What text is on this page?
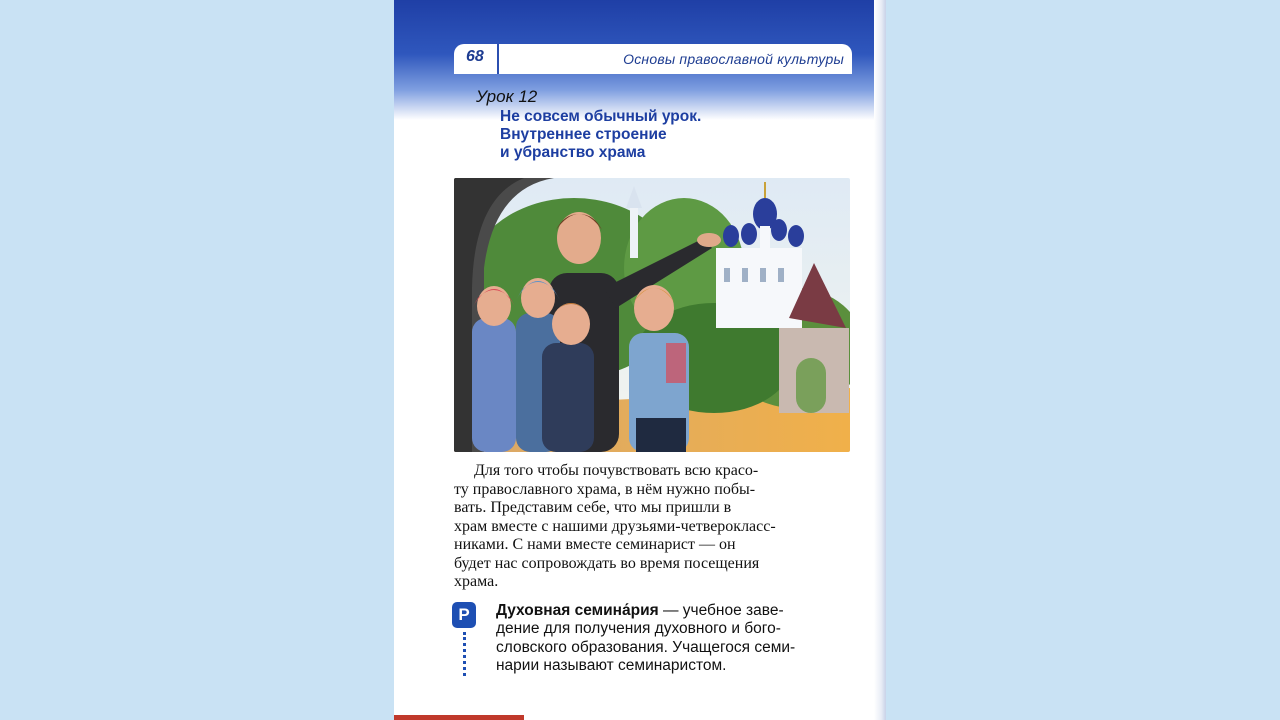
68	Основы православной культуры
Урок 12
Не совсем обычный урок.
Внутреннее строение
и убранство храма
Для того чтобы почувствовать всю красо-
ту православного храма, в нём нужно побы-
вать. Представим себе, что мы пришли в
храм вместе с нашими друзьями-четверокласс-
никами. С нами вместе семинарист — он
будет нас сопровождать во время посещения
храма.
Р	Духовная семина́рия — учебное заве-
дение для получения духовного и бого-
словского образования. Учащегося семи-
нарии называют семинаристом.
